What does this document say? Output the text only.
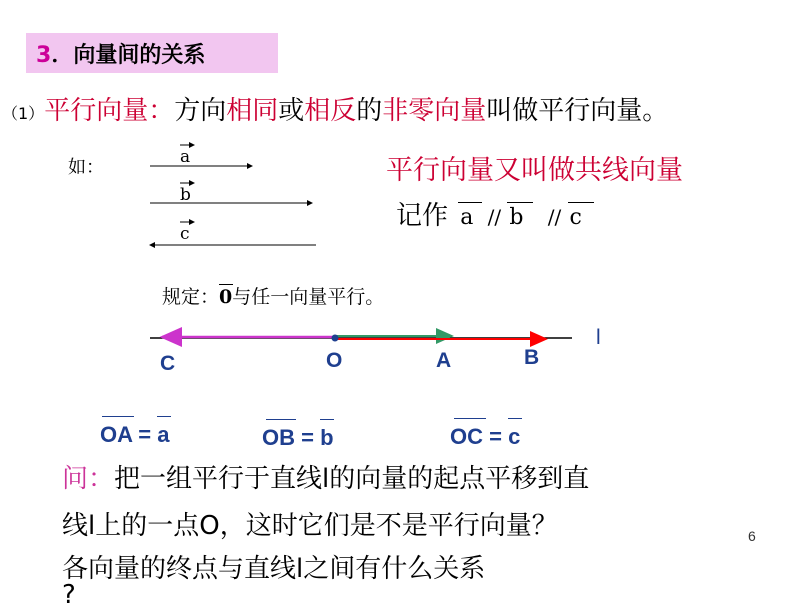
3．向量间的关系
（1）平行向量：方向相同或相反的非零向量叫做平行向量。
如：	a
b
c
平行向量又叫做共线向量
记作 a // b // c
规定：
0与任一向量平行。
l
C	O	A	B
OA =
a	OB =
b	OC =
c
问：把一组平行于直线l的向量的起点平移到直
线l上的一点O，这时它们是不是平行向量？
各向量的终点与直线l之间有什么关系
?
6
